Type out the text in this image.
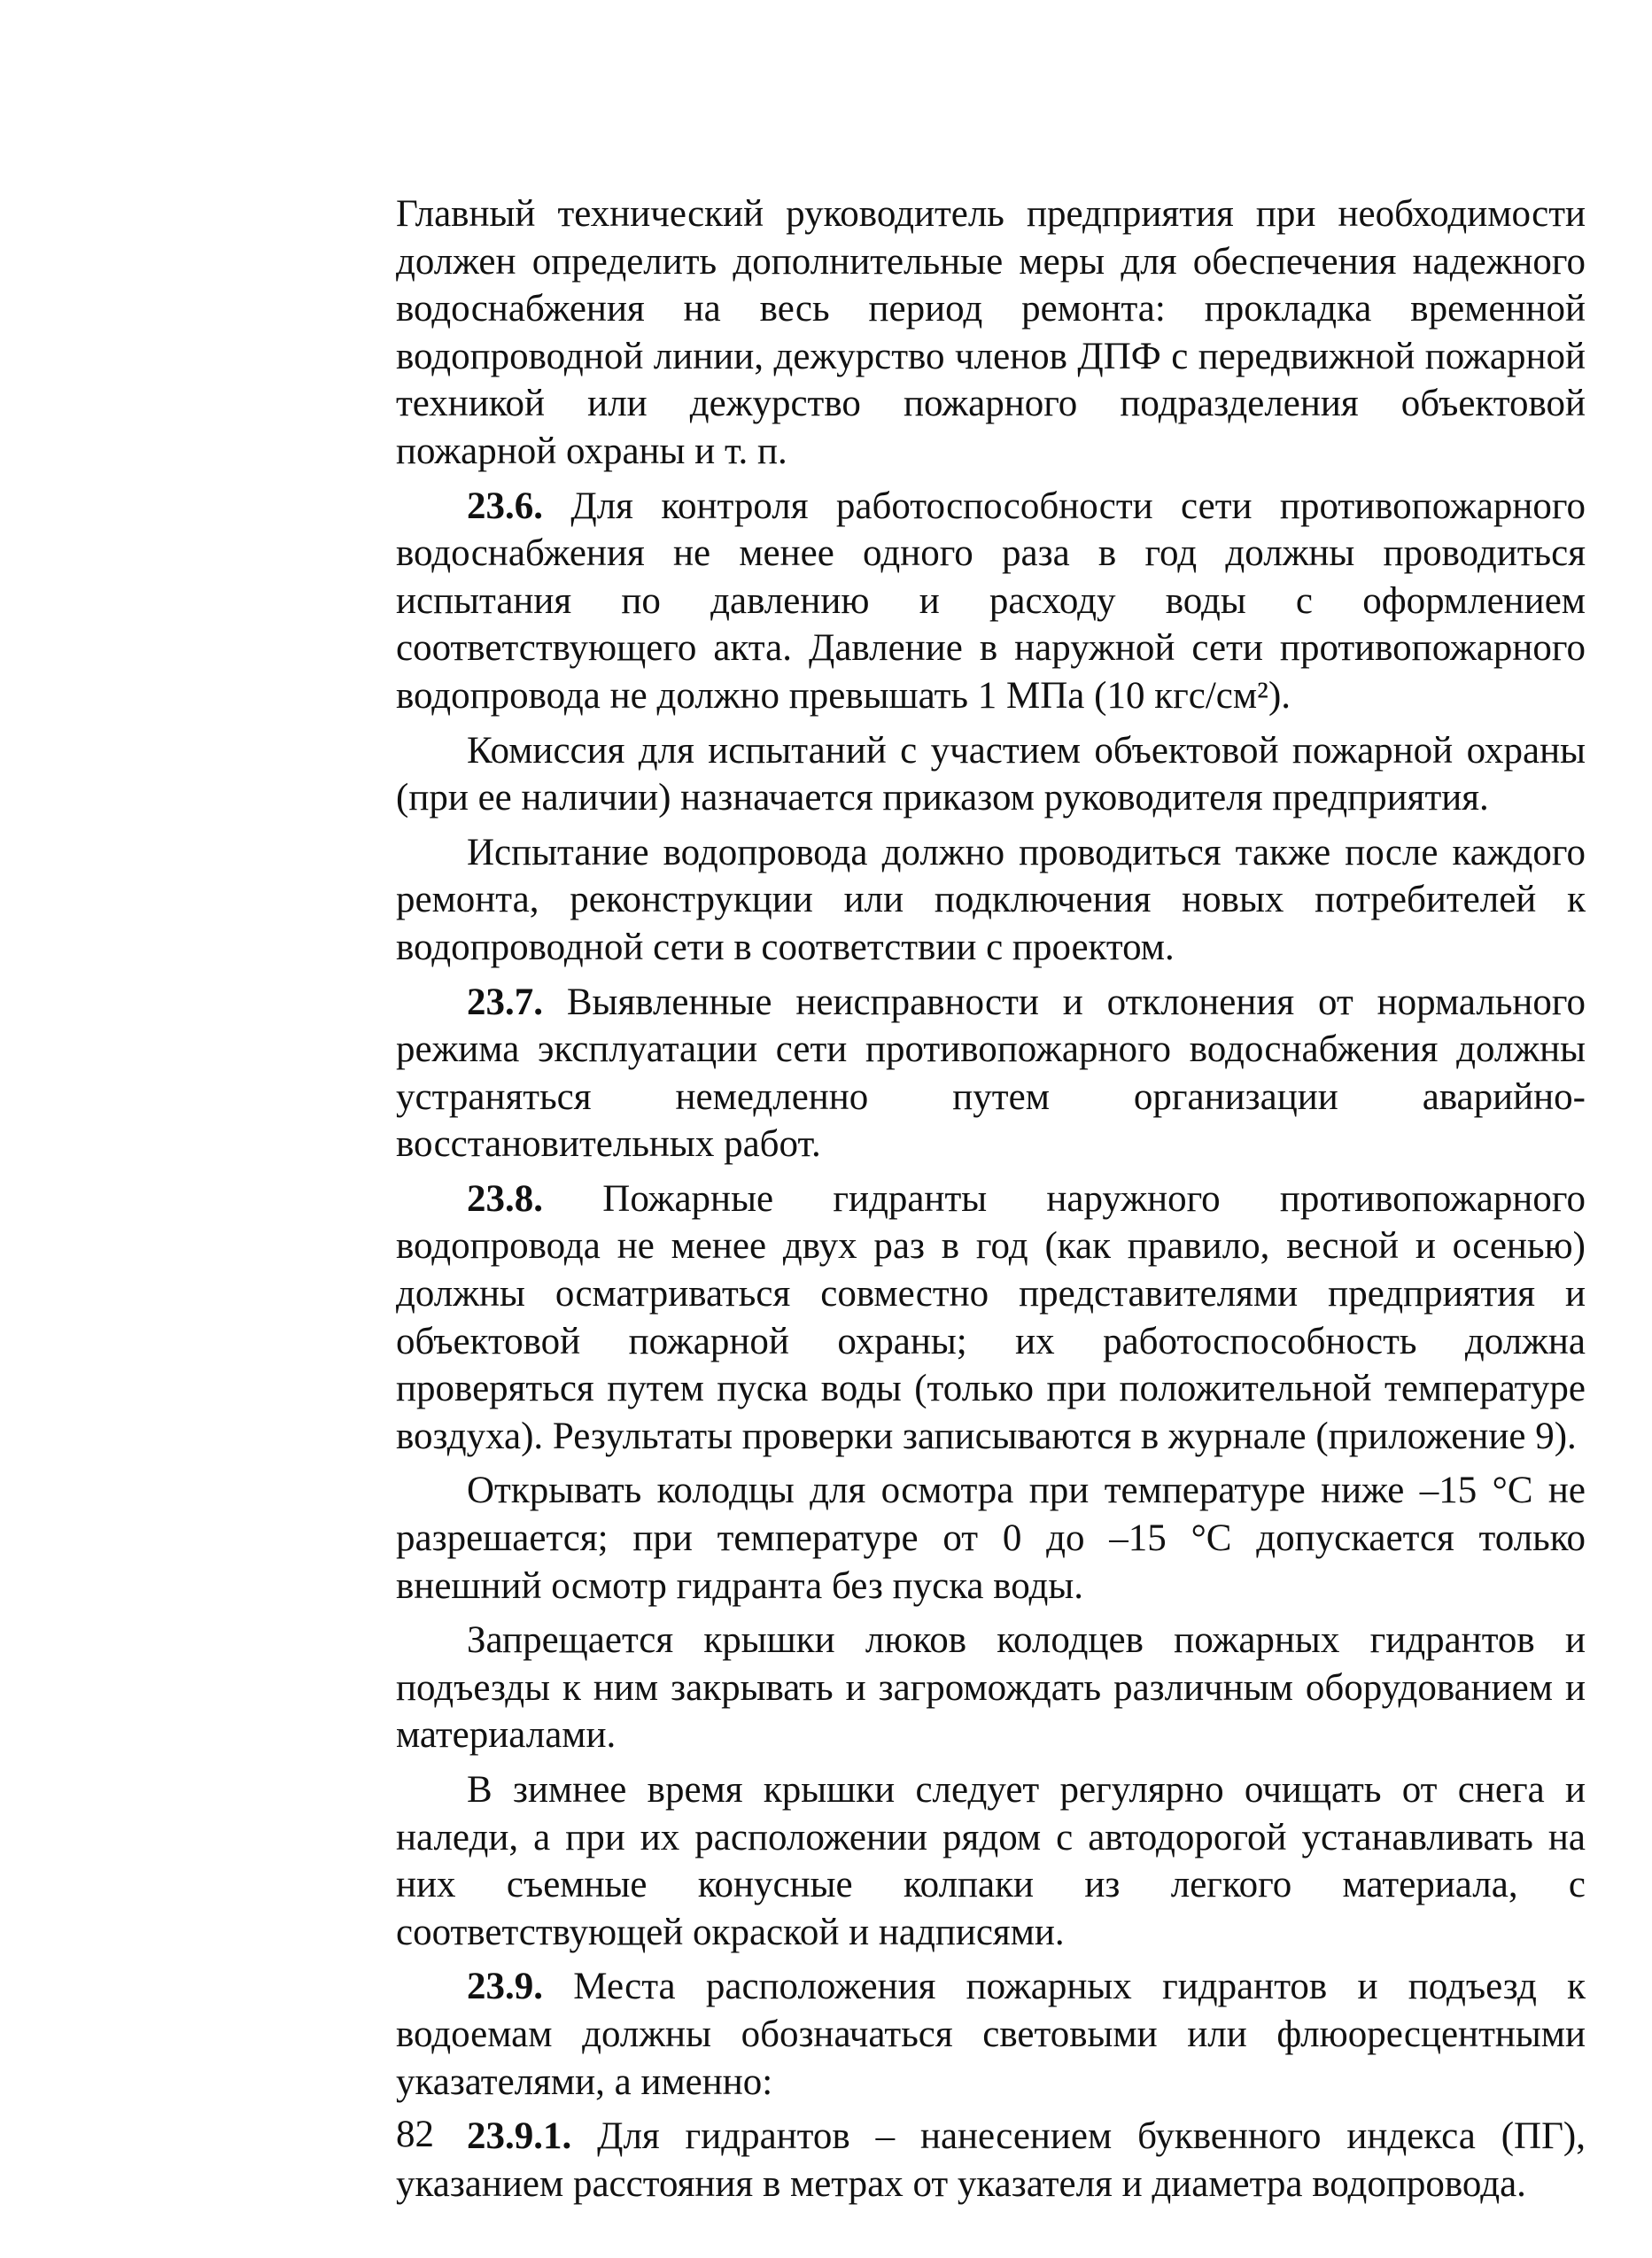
Главный технический руководитель предприятия при необходимости должен определить дополнительные меры для обеспечения надежного водоснабжения на весь период ремонта: прокладка временной водопроводной линии, дежурство членов ДПФ с передвижной пожарной техникой или дежурство пожарного подразделения объектовой пожарной охраны и т. п.

23.6. Для контроля работоспособности сети противопожарного водоснабжения не менее одного раза в год должны проводиться испытания по давлению и расходу воды с оформлением соответствующего акта. Давление в наружной сети противопожарного водопровода не должно превышать 1 МПа (10 кгс/см²).

Комиссия для испытаний с участием объектовой пожарной охраны (при ее наличии) назначается приказом руководителя предприятия.

Испытание водопровода должно проводиться также после каждого ремонта, реконструкции или подключения новых потребителей к водопроводной сети в соответствии с проектом.

23.7. Выявленные неисправности и отклонения от нормального режима эксплуатации сети противопожарного водоснабжения должны устраняться немедленно путем организации аварийно-восстановительных работ.

23.8. Пожарные гидранты наружного противопожарного водопровода не менее двух раз в год (как правило, весной и осенью) должны осматриваться совместно представителями предприятия и объектовой пожарной охраны; их работоспособность должна проверяться путем пуска воды (только при положительной температуре воздуха). Результаты проверки записываются в журнале (приложение 9).

Открывать колодцы для осмотра при температуре ниже –15 °С не разрешается; при температуре от 0 до –15 °С допускается только внешний осмотр гидранта без пуска воды.

Запрещается крышки люков колодцев пожарных гидрантов и подъезды к ним закрывать и загромождать различным оборудованием и материалами.

В зимнее время крышки следует регулярно очищать от снега и наледи, а при их расположении рядом с автодорогой устанавливать на них съемные конусные колпаки из легкого материала, с соответствующей окраской и надписями.

23.9. Места расположения пожарных гидрантов и подъезд к водоемам должны обозначаться световыми или флюоресцентными указателями, а именно:

23.9.1. Для гидрантов – нанесением буквенного индекса (ПГ), указанием расстояния в метрах от указателя и диаметра водопровода.

82
